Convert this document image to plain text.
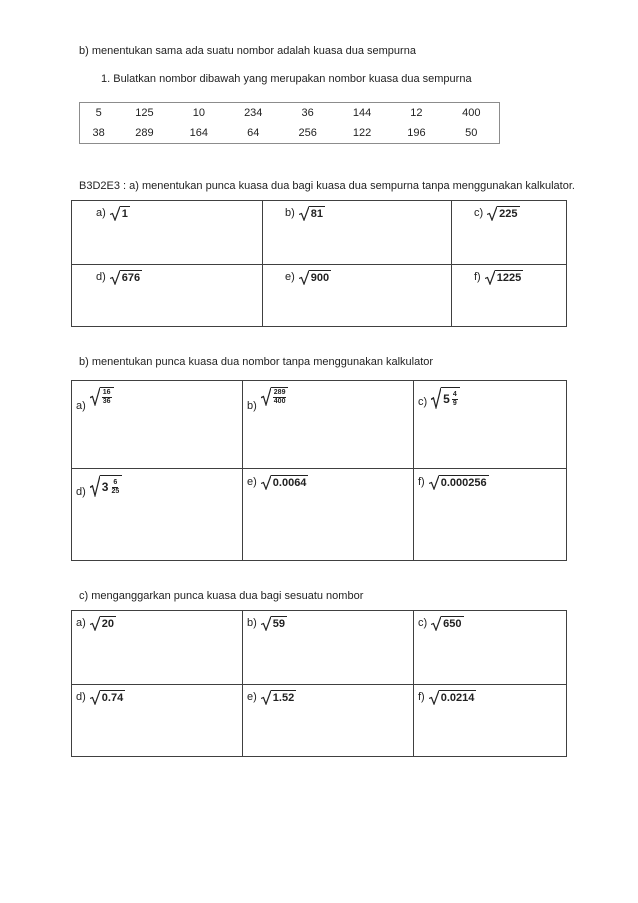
b) menentukan sama ada suatu nombor adalah kuasa dua sempurna
1. Bulatkan nombor dibawah yang merupakan nombor kuasa dua sempurna
5	125	10	234	36	144	12	400
38	289	164	64	256	122	196	50
B3D2E3 : a) menentukan punca kuasa dua bagi kuasa dua sempurna tanpa menggunakan kalkulator.
a) 1	b) 81	c) 225

d) 676	e) 900	f) 1225
b) menentukan punca kuasa dua nombor tanpa menggunakan kalkulator
$a) \frac{16}{36}$	$b) \frac{289}{400}$	c) $5 \frac{4}{9}$

d) $3 \frac{6}{25}$	e) 0.0064	f) 0.000256
c) menganggarkan punca kuasa dua bagi sesuatu nombor
a) 20	b) 59	c) 650

d) 0.74	e) 1.52	f) 0.0214
